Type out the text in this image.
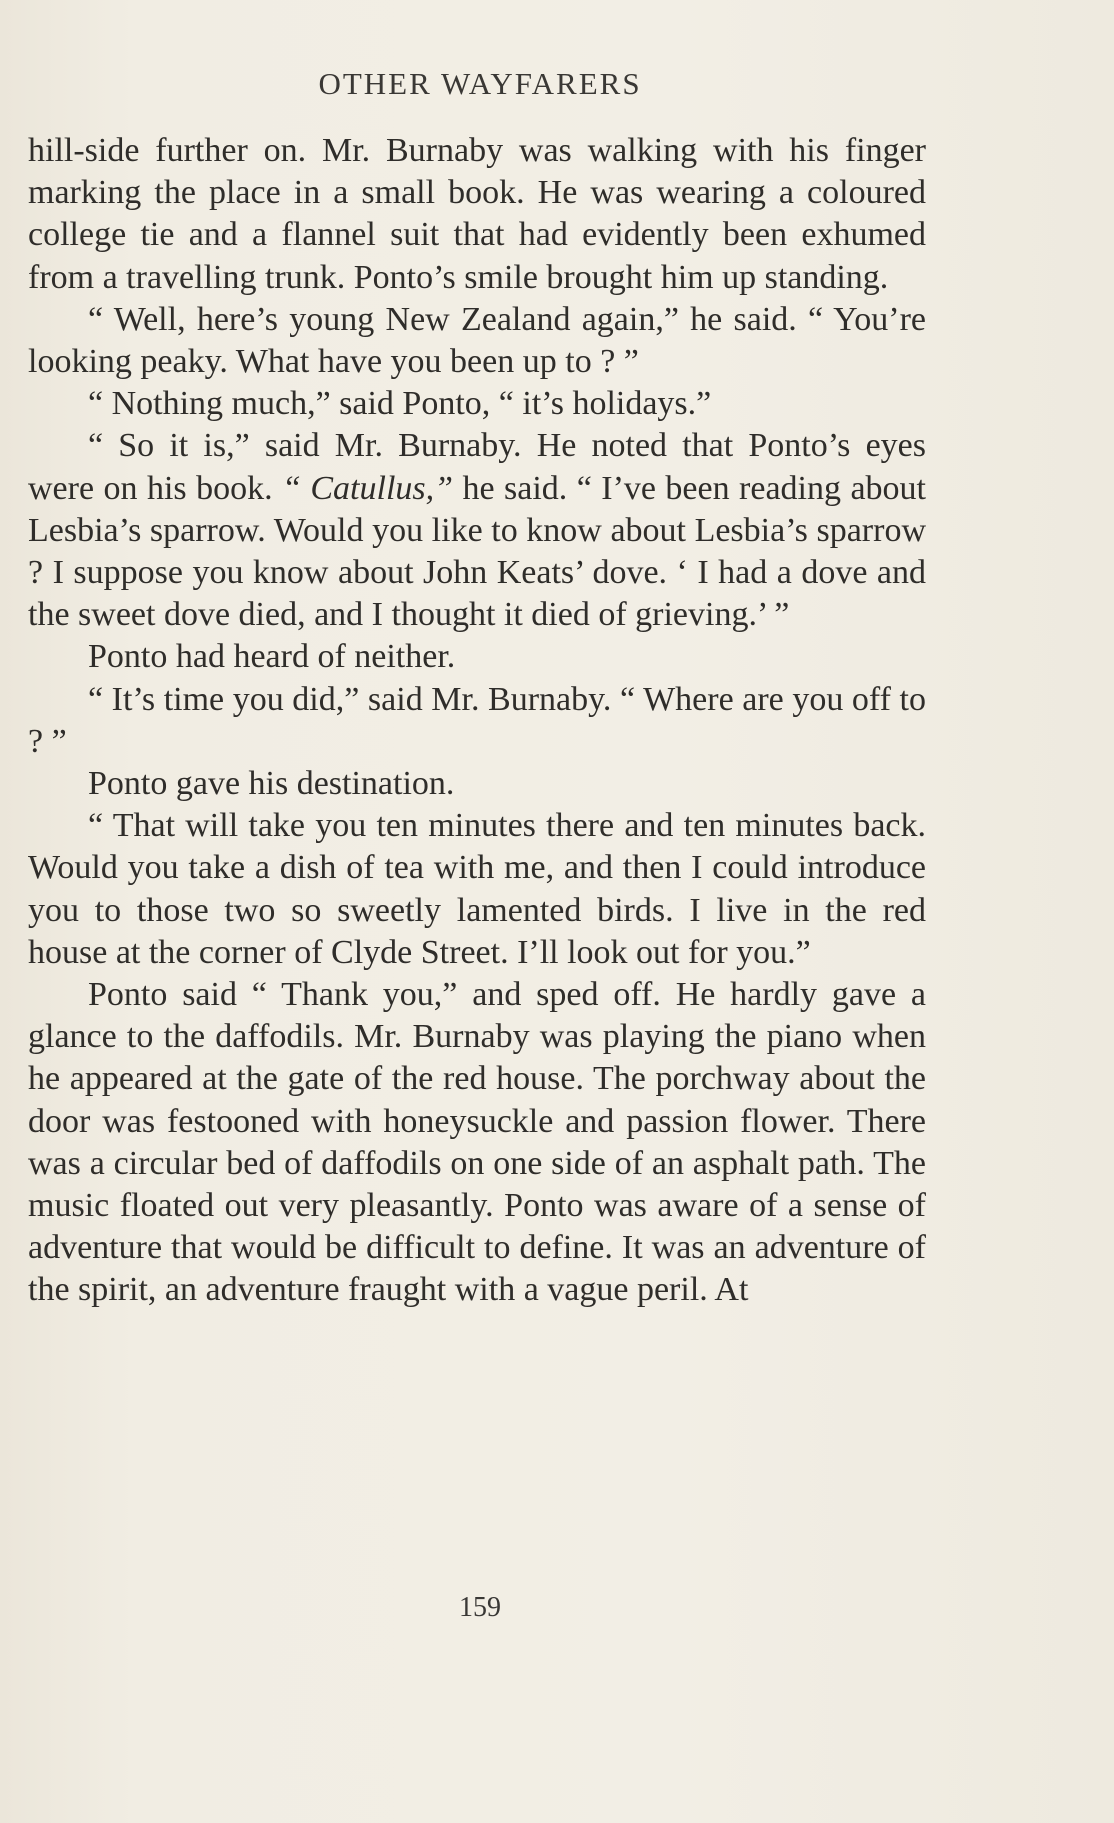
OTHER WAYFARERS

hill-side further on. Mr. Burnaby was walking with his finger marking the place in a small book. He was wearing a coloured college tie and a flannel suit that had evidently been exhumed from a travelling trunk. Ponto’s smile brought him up standing.

“ Well, here’s young New Zealand again,” he said. “ You’re looking peaky. What have you been up to ? ”

“ Nothing much,” said Ponto, “ it’s holidays.”

“ So it is,” said Mr. Burnaby. He noted that Ponto’s eyes were on his book. “ Catullus,” he said. “ I’ve been reading about Lesbia’s sparrow. Would you like to know about Lesbia’s sparrow ? I suppose you know about John Keats’ dove. ‘ I had a dove and the sweet dove died, and I thought it died of grieving.’ ”

Ponto had heard of neither.

“ It’s time you did,” said Mr. Burnaby. “ Where are you off to ? ”

Ponto gave his destination.

“ That will take you ten minutes there and ten minutes back. Would you take a dish of tea with me, and then I could introduce you to those two so sweetly lamented birds. I live in the red house at the corner of Clyde Street. I’ll look out for you.”

Ponto said “ Thank you,” and sped off. He hardly gave a glance to the daffodils. Mr. Burnaby was playing the piano when he appeared at the gate of the red house. The porchway about the door was festooned with honeysuckle and passion flower. There was a circular bed of daffodils on one side of an asphalt path. The music floated out very pleasantly. Ponto was aware of a sense of adventure that would be difficult to define. It was an adventure of the spirit, an adventure fraught with a vague peril. At

159
